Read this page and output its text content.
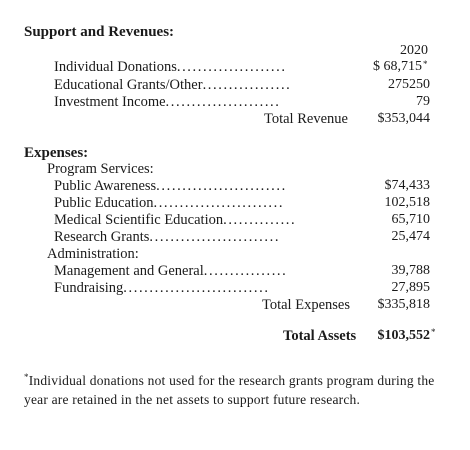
Support and Revenues:
2020
Individual Donations.....................	$ 68,715 *
Educational Grants/Other.................	275250
Investment Income......................	79
Total Revenue	$353,044
Expenses:
Program Services:
Public Awareness.........................	$74,433
Public Education.........................	102,518
Medical Scientific Education..............	65,710
Research Grants.........................	25,474
Administration:
Management and General................	39,788
Fundraising............................	27,895
Total Expenses	$335,818
Total Assets	$103,552 *
*Individual donations not used for the research grants program during the year are retained in the net assets to support future research.
